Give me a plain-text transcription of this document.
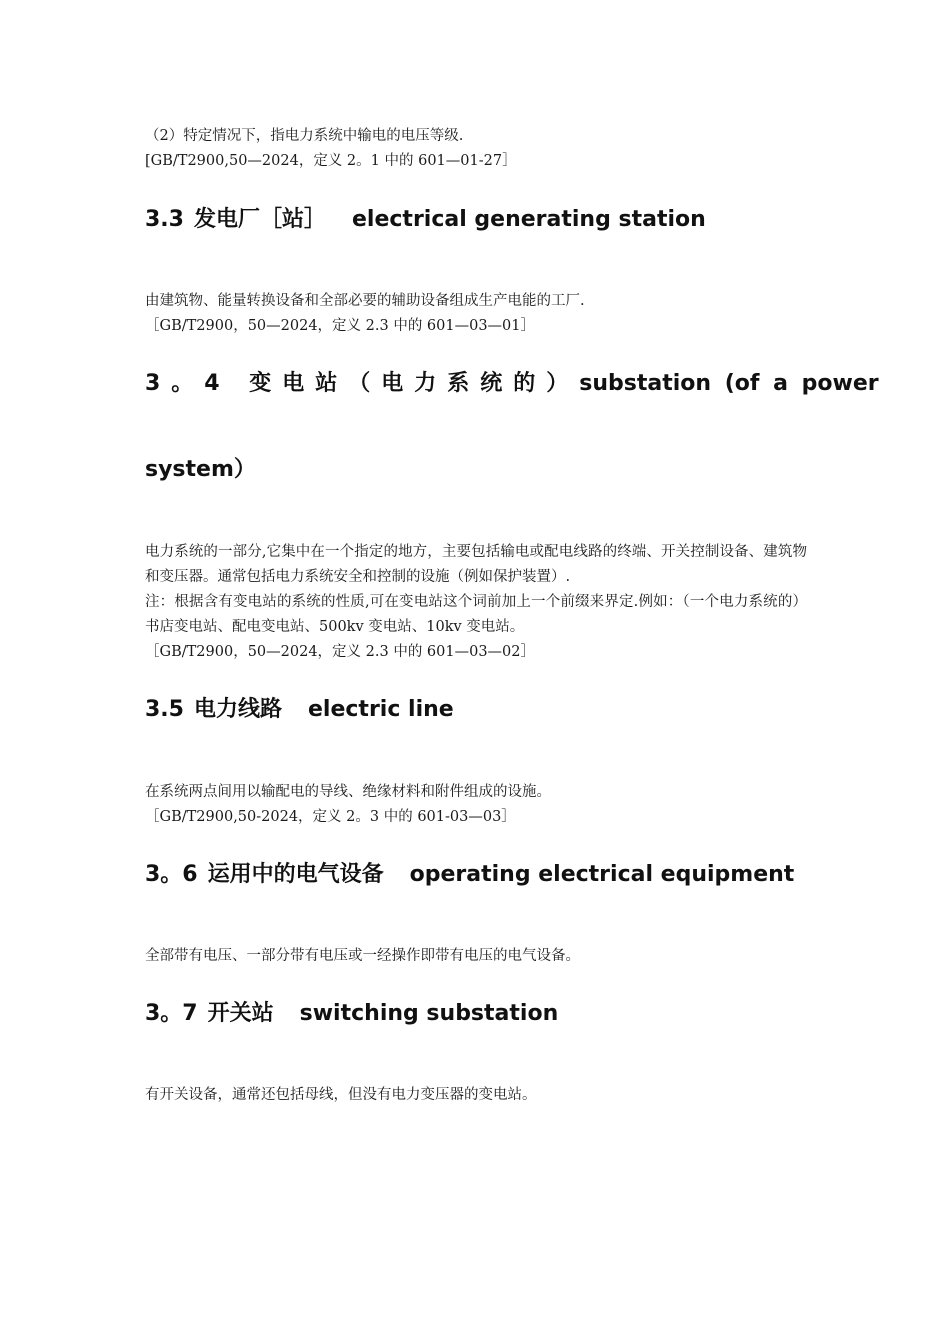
（2）特定情况下，指电力系统中输电的电压等级.
[GB/T2900,50—2024，定义 2。1 中的 601—01-27］
3.3 发电厂［站］ electrical generating station
由建筑物、能量转换设备和全部必要的辅助设备组成生产电能的工厂.
［GB/T2900，50—2024，定义 2.3 中的 601—03—01］
3。4 变电站（电力系统的） substation (of a power
system）
电力系统的一部分,它集中在一个指定的地方，主要包括输电或配电线路的终端、开关控制设备、建筑物和变压器。通常包括电力系统安全和控制的设施（例如保护装置）.
注：根据含有变电站的系统的性质,可在变电站这个词前加上一个前缀来界定.例如：（一个电力系统的）书店变电站、配电变电站、500kv 变电站、10kv 变电站。
［GB/T2900，50—2024，定义 2.3 中的 601—03—02］
3.5 电力线路 electric line
在系统两点间用以输配电的导线、绝缘材料和附件组成的设施。
［GB/T2900,50-2024，定义 2。3 中的 601-03—03］
3。6 运用中的电气设备 operating electrical equipment
全部带有电压、一部分带有电压或一经操作即带有电压的电气设备。
3。7 开关站 switching substation
有开关设备，通常还包括母线，但没有电力变压器的变电站。
